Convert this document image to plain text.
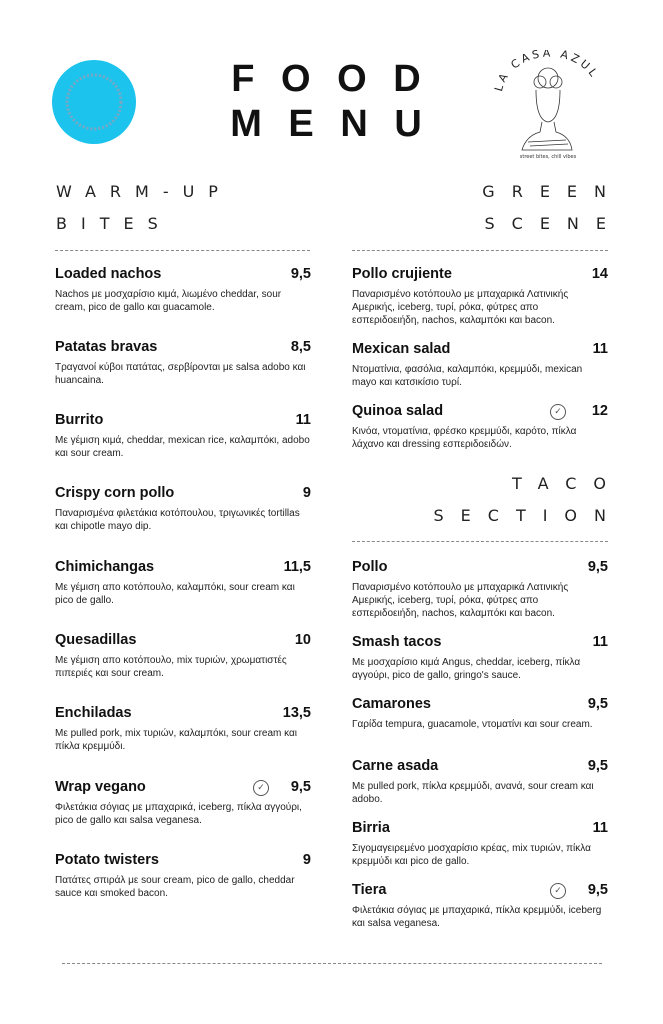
F O O D
M E N U
LA CASA AZUL
street bites, chill vibes
WARM-UP
BITES
GREEN
SCENE
TACO
SECTION
Loaded nachos	9,5
Nachos με μοσχαρίσιο κιμά, λιωμένο cheddar, sour cream, pico de gallo και guacamole.
Patatas bravas	8,5
Τραγανοί κύβοι πατάτας, σερβίρονται με salsa adobo και huancaina.
Burrito	11
Με γέμιση κιμά, cheddar, mexican rice, καλαμπόκι, adobo και sour cream.
Crispy corn pollo	9
Παναρισμένα φιλετάκια κοτόπουλου, τριγωνικές tortillas και chipotle mayo dip.
Chimichangas	11,5
Με γέμιση απο κοτόπουλο, καλαμπόκι, sour cream και pico de gallo.
Quesadillas	10
Με γέμιση απο κοτόπουλο, mix τυριών, χρωματιστές πιπεριές και sour cream.
Enchiladas	13,5
Με pulled pork, mix τυριών, καλαμπόκι, sour cream και πίκλα κρεμμύδι.
Wrap vegano	✓ 9,5
Φιλετάκια σόγιας με μπαχαρικά, iceberg, πίκλα αγγούρι, pico de gallo και salsa veganesa.
Potato twisters	9
Πατάτες σπιράλ με sour cream, pico de gallo, cheddar sauce και smoked bacon.
Pollo crujiente	14
Παναρισμένο κοτόπουλο με μπαχαρικά Λατινικής Αμερικής, iceberg, τυρί, ρόκα, φύτρες απο εσπεριδοειήδη, nachos, καλαμπόκι και bacon.
Mexican salad	11
Ντοματίνια, φασόλια, καλαμπόκι, κρεμμύδι, mexican mayo και κατσικίσιο τυρί.
Quinoa salad	✓ 12
Κινόα, ντοματίνια, φρέσκο κρεμμύδι, καρότο, πίκλα λάχανο και dressing εσπεριδοειδών.
Pollo	9,5
Παναρισμένο κοτόπουλο με μπαχαρικά Λατινικής Αμερικής, iceberg, τυρί, ρόκα, φύτρες απο εσπεριδοειήδη, nachos, καλαμπόκι και bacon.
Smash tacos	11
Με μοσχαρίσιο κιμά Angus, cheddar, iceberg, πίκλα αγγούρι, pico de gallo, gringo's sauce.
Camarones	9,5
Γαρίδα tempura, guacamole, ντοματίνι και sour cream.
Carne asada	9,5
Με pulled pork, πίκλα κρεμμύδι, ανανά, sour cream και adobo.
Birria	11
Σιγομαγειρεμένο μοσχαρίσιο κρέας, mix τυριών, πίκλα κρεμμύδι και pico de gallo.
Tiera	✓ 9,5
Φιλετάκια σόγιας με μπαχαρικά, πίκλα κρεμμύδι, iceberg και salsa veganesa.
